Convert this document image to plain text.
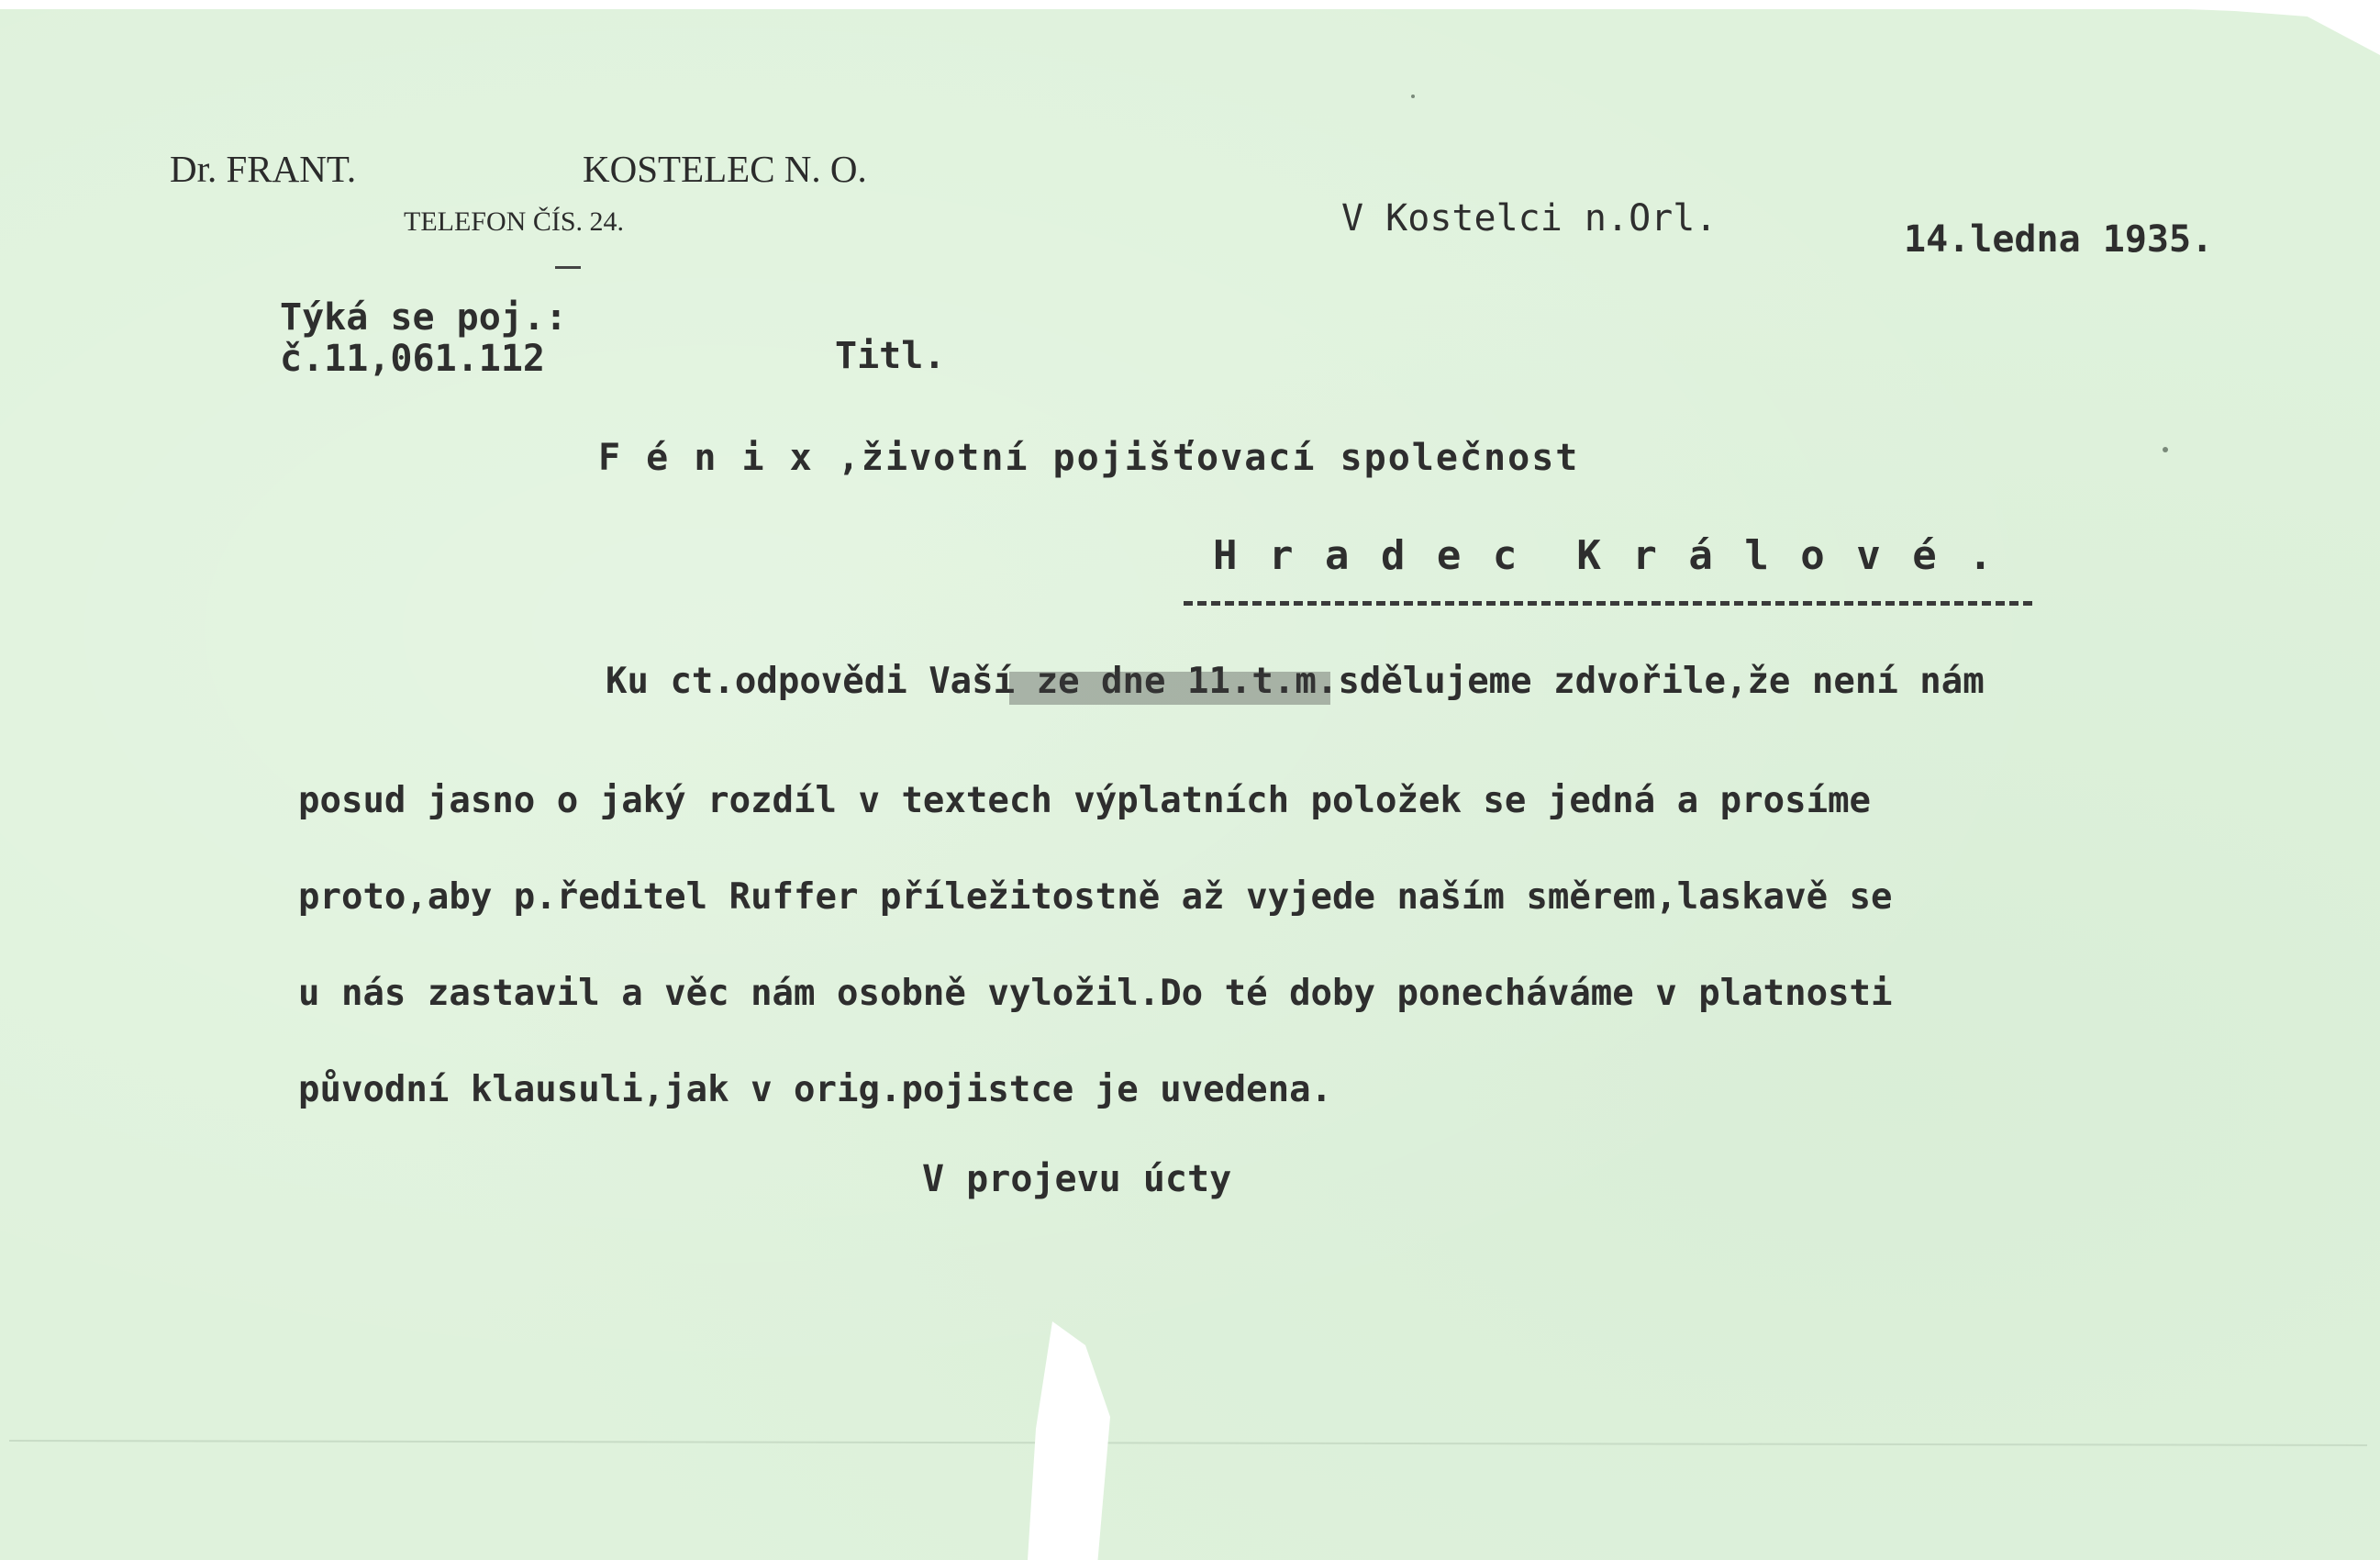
Dr. FRANT.	KOSTELEC N. O.
TELEFON ČÍS. 24.	V Kostelci n.Orl.	14.ledna 1935.
Týká se poj.:
č.11,061.112	Titl.
F é n i x ,životní pojišťovací společnost
H r a d e c  K r á l o v é .
Ku ct.odpovědi Vaší ze dne 11.t.m.sdělujeme zdvořile,že není nám
posud jasno o jaký rozdíl v textech výplatních položek se jedná a prosíme
proto,aby p.ředitel Ruffer příležitostně až vyjede naším směrem,laskavě se
u nás zastavil a věc nám osobně vyložil.Do té doby ponecháváme v platnosti
původní klausuli,jak v orig.pojistce je uvedena.
V projevu úcty
